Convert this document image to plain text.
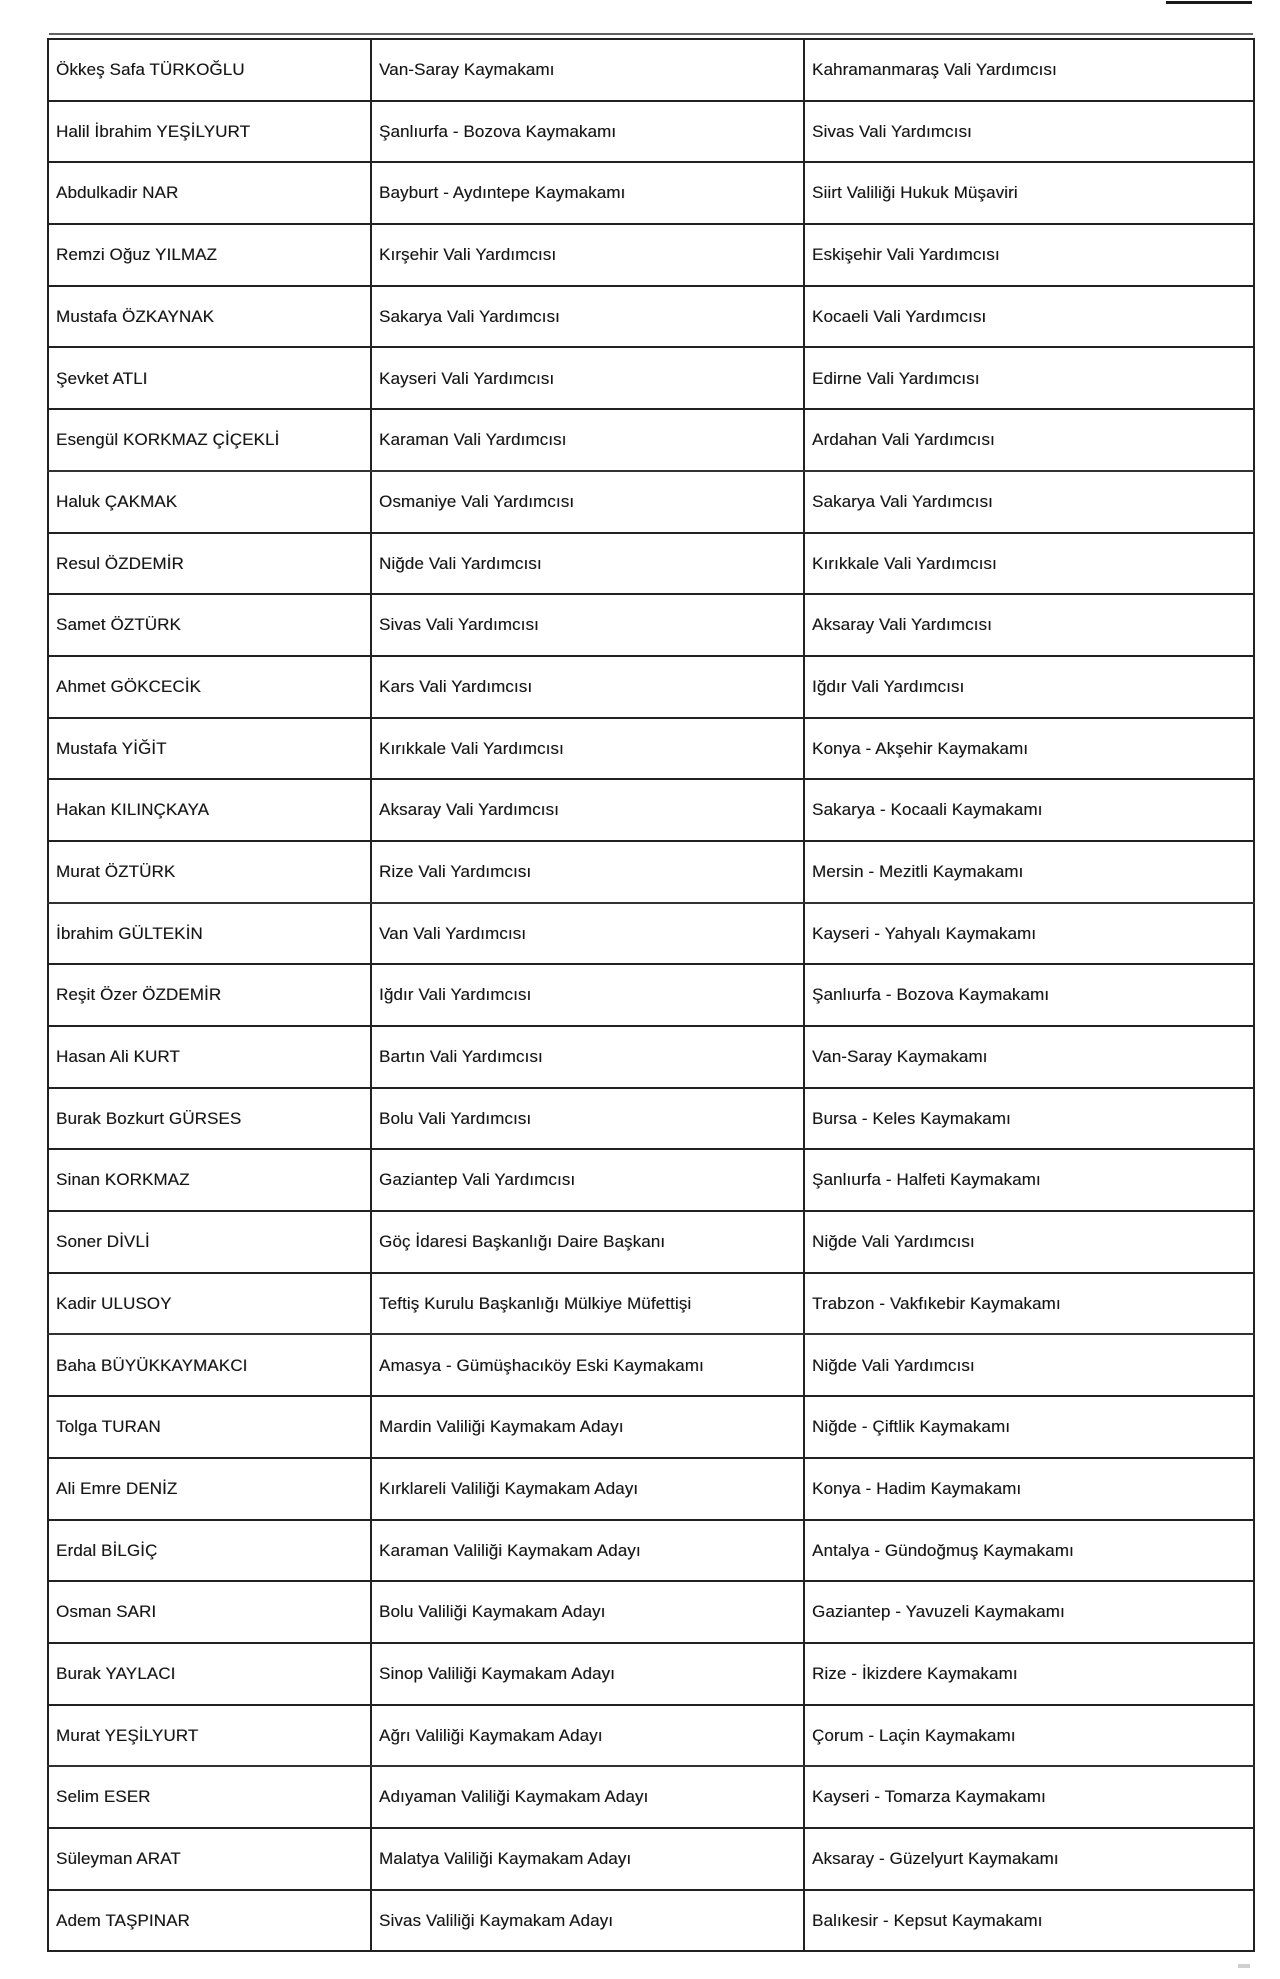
Ökkeş Safa TÜRKOĞLU	Van-Saray Kaymakamı	Kahramanmaraş Vali Yardımcısı
Halil İbrahim YEŞİLYURT	Şanlıurfa - Bozova Kaymakamı	Sivas Vali Yardımcısı
Abdulkadir NAR	Bayburt - Aydıntepe Kaymakamı	Siirt Valiliği Hukuk Müşaviri
Remzi Oğuz YILMAZ	Kırşehir Vali Yardımcısı	Eskişehir Vali Yardımcısı
Mustafa ÖZKAYNAK	Sakarya Vali Yardımcısı	Kocaeli Vali Yardımcısı
Şevket ATLI	Kayseri Vali Yardımcısı	Edirne Vali Yardımcısı
Esengül KORKMAZ ÇİÇEKLİ	Karaman Vali Yardımcısı	Ardahan Vali Yardımcısı
Haluk ÇAKMAK	Osmaniye Vali Yardımcısı	Sakarya Vali Yardımcısı
Resul ÖZDEMİR	Niğde Vali Yardımcısı	Kırıkkale Vali Yardımcısı
Samet ÖZTÜRK	Sivas Vali Yardımcısı	Aksaray Vali Yardımcısı
Ahmet GÖKCECİK	Kars Vali Yardımcısı	Iğdır Vali Yardımcısı
Mustafa YİĞİT	Kırıkkale Vali Yardımcısı	Konya - Akşehir Kaymakamı
Hakan KILINÇKAYA	Aksaray Vali Yardımcısı	Sakarya - Kocaali Kaymakamı
Murat ÖZTÜRK	Rize Vali Yardımcısı	Mersin - Mezitli Kaymakamı
İbrahim GÜLTEKİN	Van Vali Yardımcısı	Kayseri - Yahyalı Kaymakamı
Reşit Özer ÖZDEMİR	Iğdır Vali Yardımcısı	Şanlıurfa - Bozova Kaymakamı
Hasan Ali KURT	Bartın Vali Yardımcısı	Van-Saray Kaymakamı
Burak Bozkurt GÜRSES	Bolu Vali Yardımcısı	Bursa - Keles Kaymakamı
Sinan KORKMAZ	Gaziantep Vali Yardımcısı	Şanlıurfa - Halfeti Kaymakamı
Soner DİVLİ	Göç İdaresi Başkanlığı Daire Başkanı	Niğde Vali Yardımcısı
Kadir ULUSOY	Teftiş Kurulu Başkanlığı Mülkiye Müfettişi	Trabzon - Vakfıkebir Kaymakamı
Baha BÜYÜKKAYMAKCI	Amasya - Gümüşhacıköy Eski Kaymakamı	Niğde Vali Yardımcısı
Tolga TURAN	Mardin Valiliği Kaymakam Adayı	Niğde - Çiftlik Kaymakamı
Ali Emre DENİZ	Kırklareli Valiliği Kaymakam Adayı	Konya - Hadim Kaymakamı
Erdal BİLGİÇ	Karaman Valiliği Kaymakam Adayı	Antalya - Gündoğmuş Kaymakamı
Osman SARI	Bolu Valiliği Kaymakam Adayı	Gaziantep - Yavuzeli Kaymakamı
Burak YAYLACI	Sinop Valiliği Kaymakam Adayı	Rize - İkizdere Kaymakamı
Murat YEŞİLYURT	Ağrı Valiliği Kaymakam Adayı	Çorum - Laçin Kaymakamı
Selim ESER	Adıyaman Valiliği Kaymakam Adayı	Kayseri - Tomarza Kaymakamı
Süleyman ARAT	Malatya Valiliği Kaymakam Adayı	Aksaray - Güzelyurt Kaymakamı
Adem TAŞPINAR	Sivas Valiliği Kaymakam Adayı	Balıkesir - Kepsut Kaymakamı
